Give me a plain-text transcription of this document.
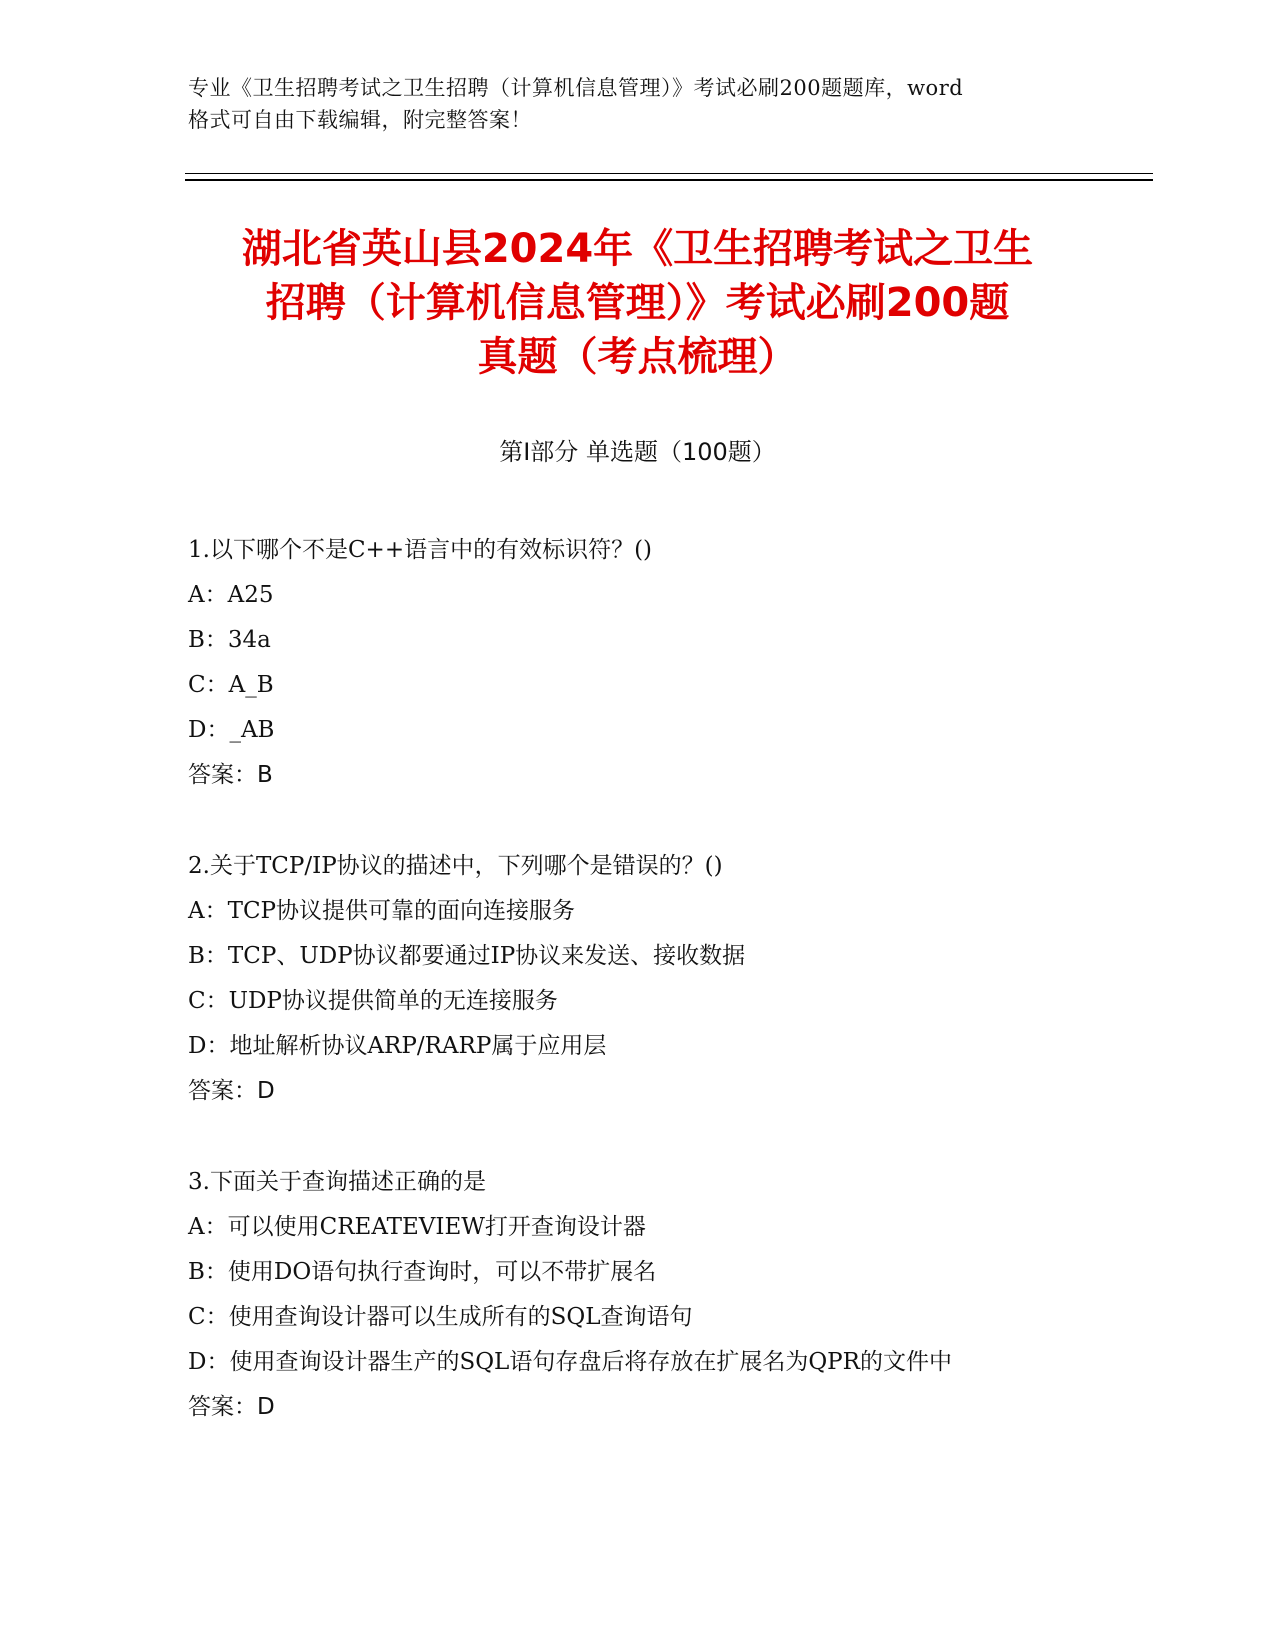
专业《卫生招聘考试之卫生招聘（计算机信息管理）》考试必刷200题题库，word
格式可自由下载编辑，附完整答案！
湖北省英山县2024年《卫生招聘考试之卫生
招聘（计算机信息管理）》考试必刷200题
真题（考点梳理）
第Ⅰ部分 单选题（100题）
1.以下哪个不是C++语言中的有效标识符？()
A：A25
B：34a
C：A_B
D：_AB
答案：B
2.关于TCP/IP协议的描述中，下列哪个是错误的？()
A：TCP协议提供可靠的面向连接服务
B：TCP、UDP协议都要通过IP协议来发送、接收数据
C：UDP协议提供简单的无连接服务
D：地址解析协议ARP/RARP属于应用层
答案：D
3.下面关于查询描述正确的是
A：可以使用CREATEVIEW打开查询设计器
B：使用DO语句执行查询时，可以不带扩展名
C：使用查询设计器可以生成所有的SQL查询语句
D：使用查询设计器生产的SQL语句存盘后将存放在扩展名为QPR的文件中
答案：D
